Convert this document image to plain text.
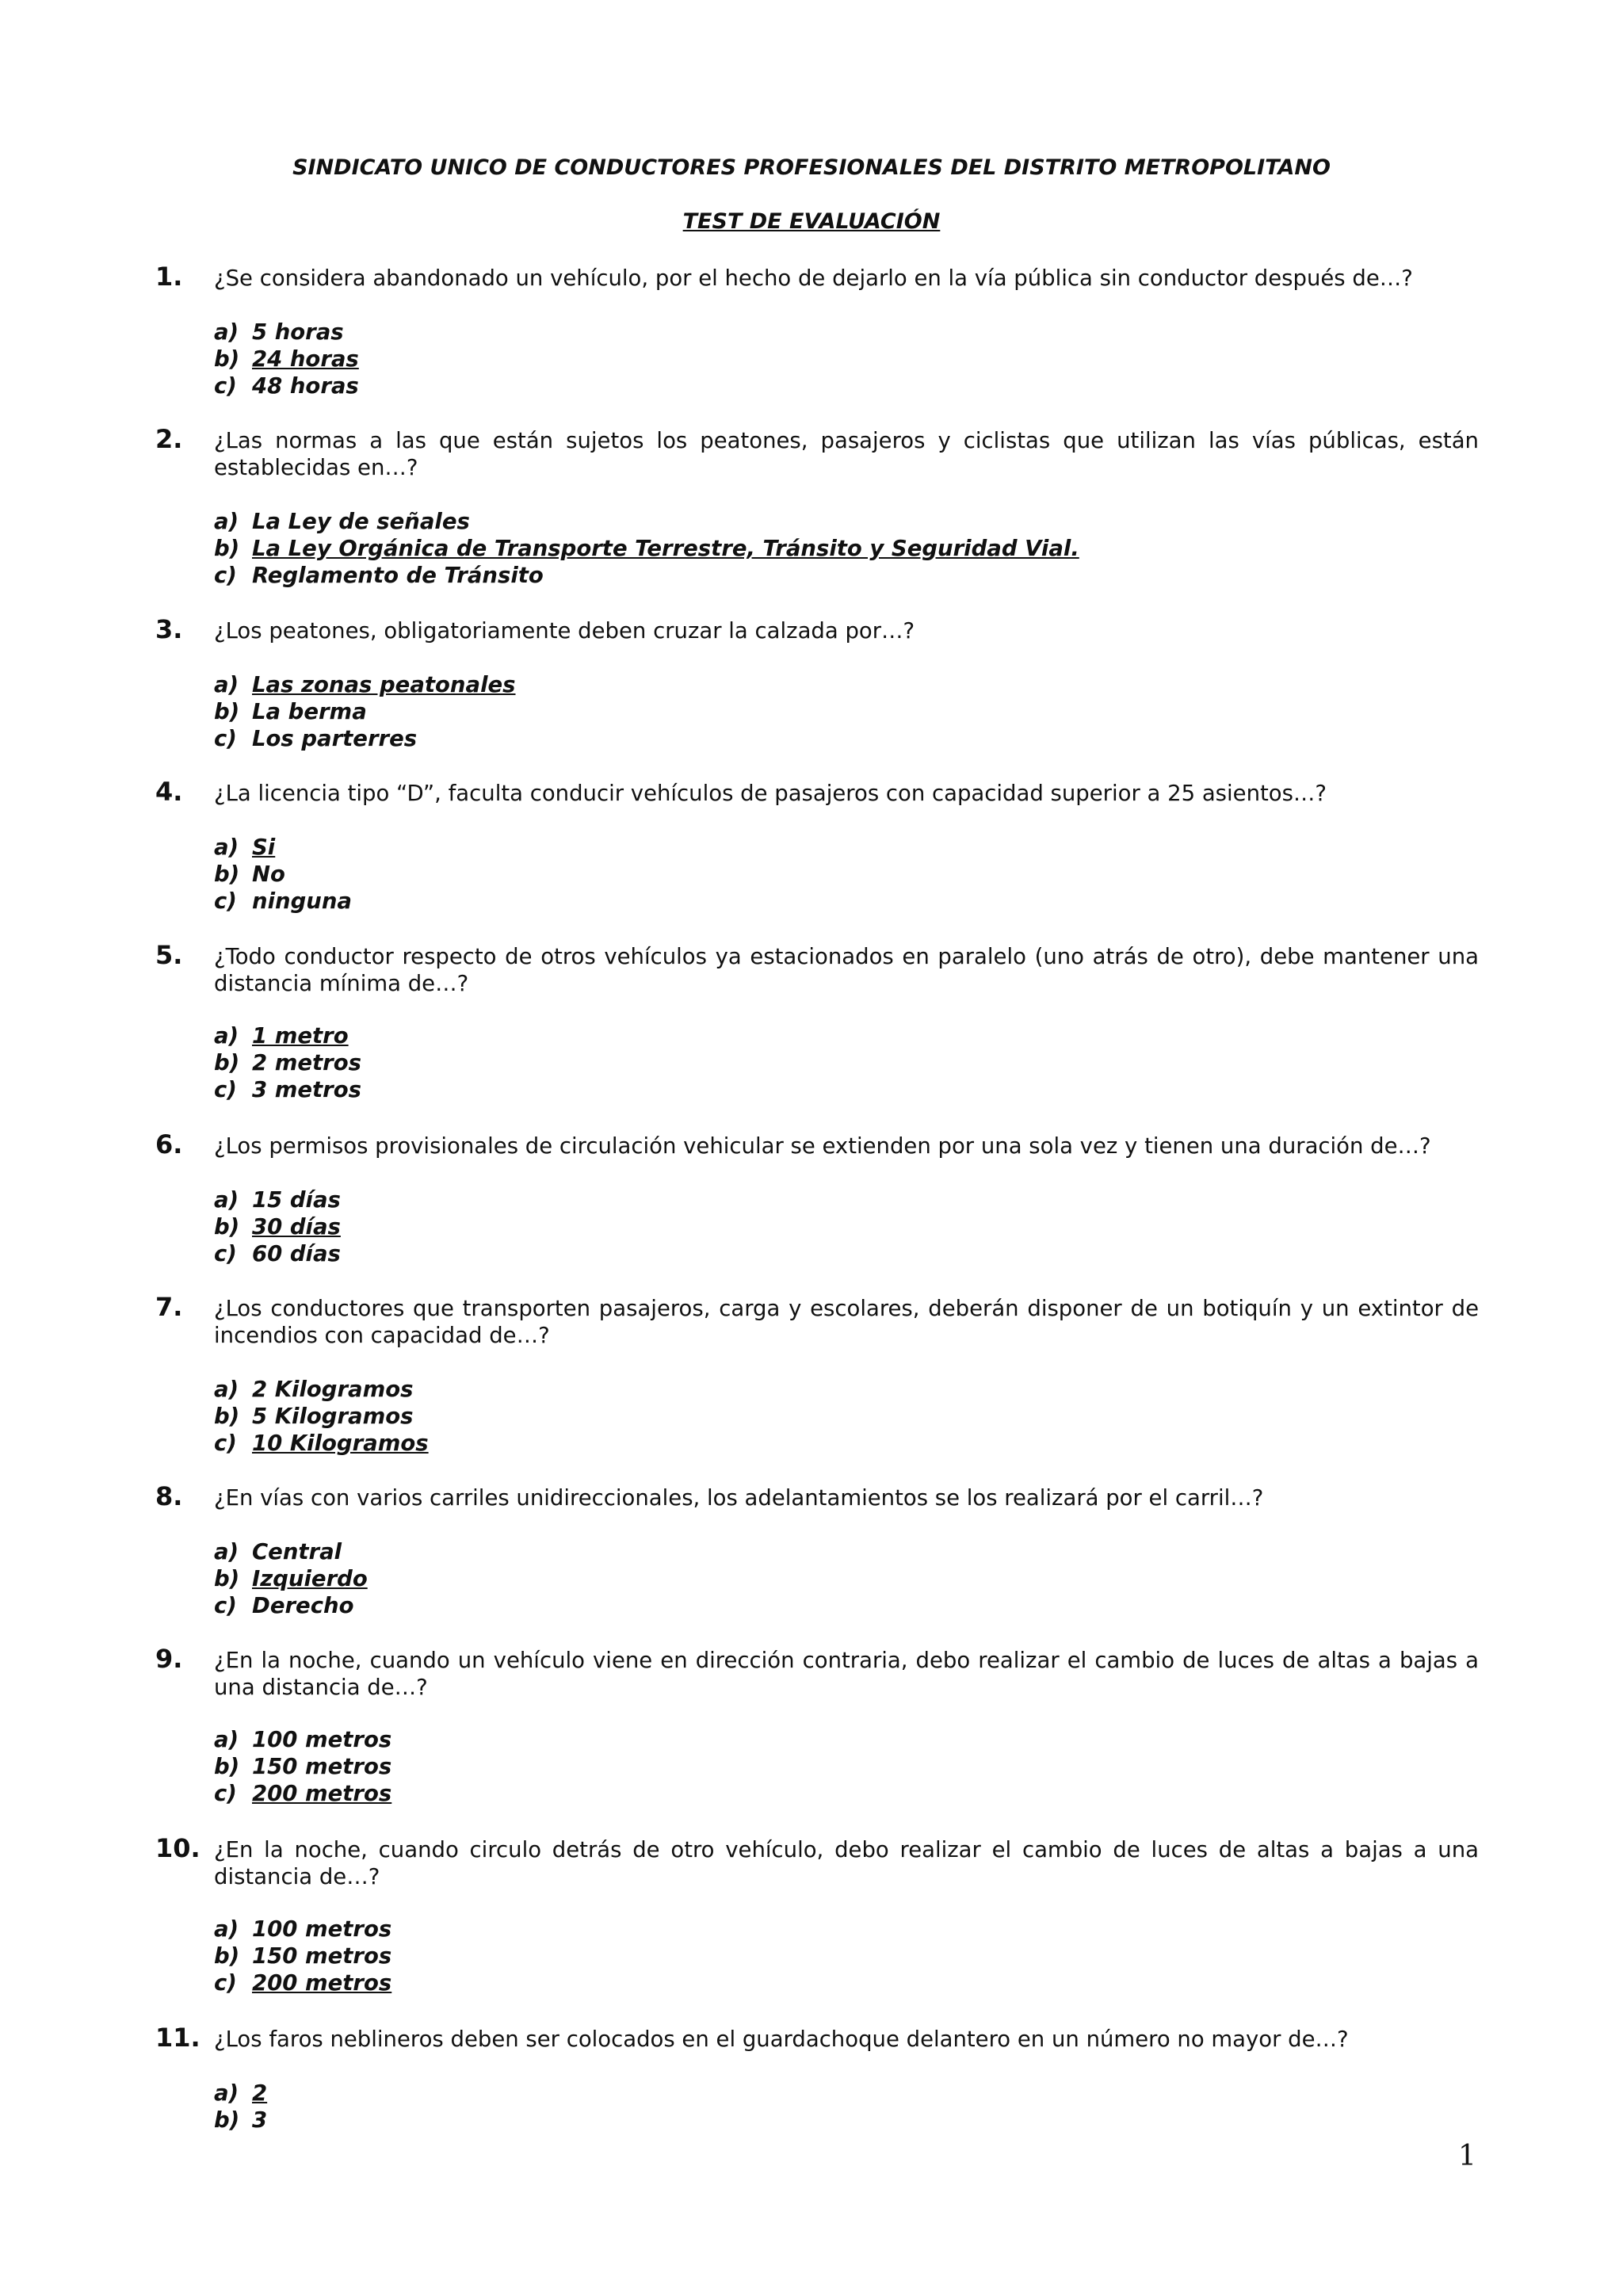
SINDICATO UNICO DE CONDUCTORES PROFESIONALES DEL DISTRITO METROPOLITANO
TEST DE EVALUACIÓN
1. ¿Se considera abandonado un vehículo, por el hecho de dejarlo en la vía pública sin conductor después de…?
a) 5 horas
b) 24 horas
c) 48 horas
2. ¿Las normas a las que están sujetos los peatones, pasajeros y ciclistas que utilizan las vías públicas, están establecidas en…?
a) La Ley de señales
b) La Ley Orgánica de Transporte Terrestre, Tránsito y Seguridad Vial.
c) Reglamento de Tránsito
3. ¿Los peatones, obligatoriamente deben cruzar la calzada por…?
a) Las zonas peatonales
b) La berma
c) Los parterres
4. ¿La licencia tipo “D”, faculta conducir vehículos de pasajeros con capacidad superior a 25 asientos…?
a) Si
b) No
c) ninguna
5. ¿Todo conductor respecto de otros vehículos ya estacionados en paralelo (uno atrás de otro), debe mantener una distancia mínima de…?
a) 1 metro
b) 2 metros
c) 3 metros
6. ¿Los permisos provisionales de circulación vehicular se extienden por una sola vez y tienen una duración de…?
a) 15 días
b) 30 días
c) 60 días
7. ¿Los conductores que transporten pasajeros, carga y escolares, deberán disponer de un botiquín y un extintor de incendios con capacidad de…?
a) 2 Kilogramos
b) 5 Kilogramos
c) 10 Kilogramos
8. ¿En vías con varios carriles unidireccionales, los adelantamientos se los realizará por el carril…?
a) Central
b) Izquierdo
c) Derecho
9. ¿En la noche, cuando un vehículo viene en dirección contraria, debo realizar el cambio de luces de altas a bajas a una distancia de…?
a) 100 metros
b) 150 metros
c) 200 metros
10. ¿En la noche, cuando circulo detrás de otro vehículo, debo realizar el cambio de luces de altas a bajas a una distancia de…?
a) 100 metros
b) 150 metros
c) 200 metros
11. ¿Los faros neblineros deben ser colocados en el guardachoque delantero en un número no mayor de…?
a) 2
b) 3
1
